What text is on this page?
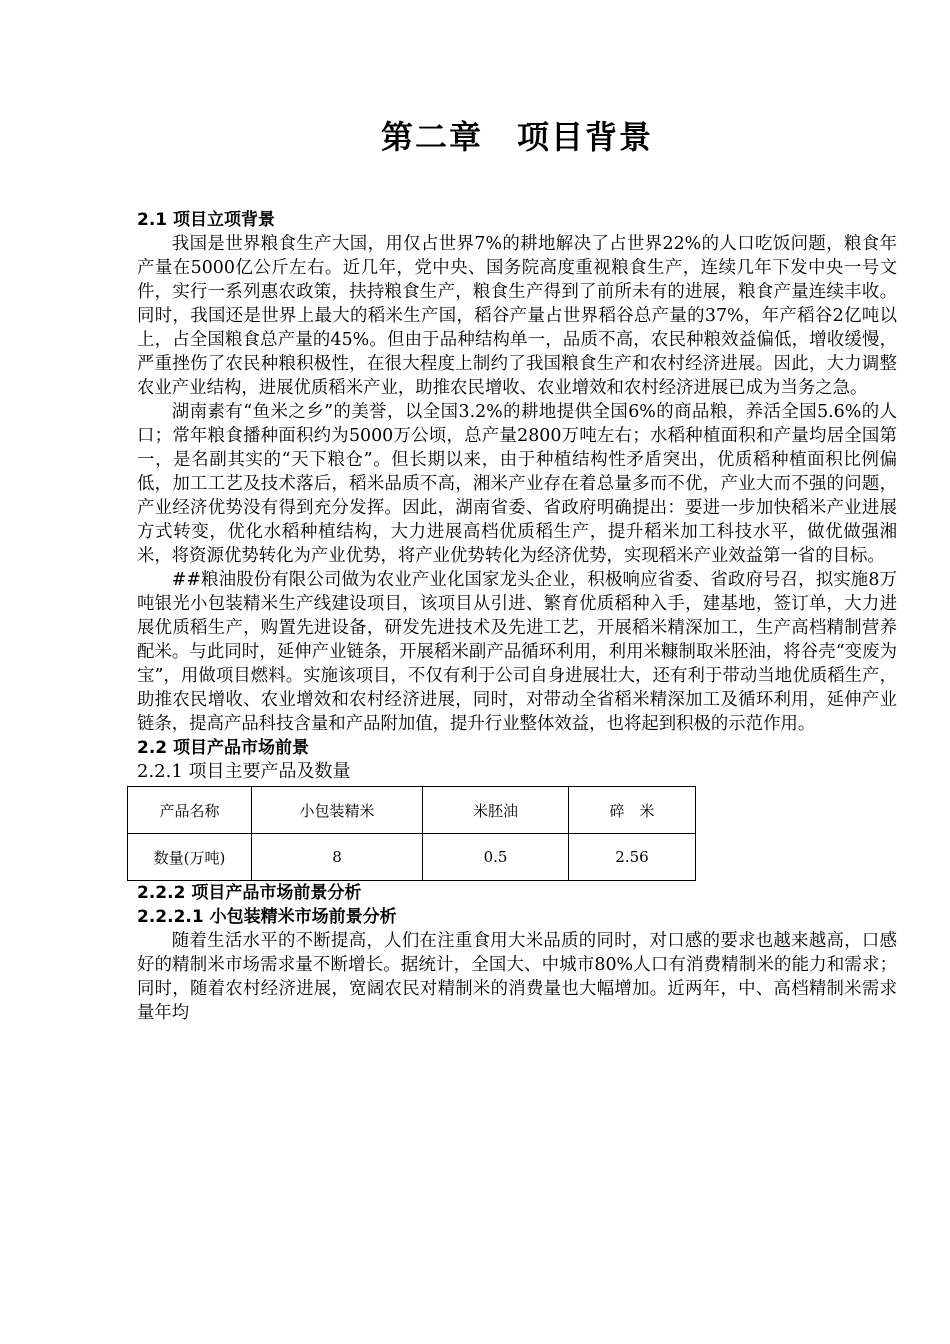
第二章　项目背景
2.1 项目立项背景

我国是世界粮食生产大国，用仅占世界7%的耕地解决了占世界22%的人口吃饭问题，粮食年产量在5000亿公斤左右。近几年，党中央、国务院高度重视粮食生产，连续几年下发中央一号文件，实行一系列惠农政策，扶持粮食生产，粮食生产得到了前所未有的进展，粮食产量连续丰收。同时，我国还是世界上最大的稻米生产国，稻谷产量占世界稻谷总产量的37%，年产稻谷2亿吨以上，占全国粮食总产量的45%。但由于品种结构单一，品质不高，农民种粮效益偏低，增收缓慢，严重挫伤了农民种粮积极性，在很大程度上制约了我国粮食生产和农村经济进展。因此，大力调整农业产业结构，进展优质稻米产业，助推农民增收、农业增效和农村经济进展已成为当务之急。

湖南素有“鱼米之乡”的美誉，以全国3.2%的耕地提供全国6%的商品粮，养活全国5.6%的人口；常年粮食播种面积约为5000万公顷，总产量2800万吨左右；水稻种植面积和产量均居全国第一，是名副其实的“天下粮仓”。但长期以来，由于种植结构性矛盾突出，优质稻种植面积比例偏低，加工工艺及技术落后，稻米品质不高，湘米产业存在着总量多而不优，产业大而不强的问题，产业经济优势没有得到充分发挥。因此，湖南省委、省政府明确提出：要进一步加快稻米产业进展方式转变，优化水稻种植结构，大力进展高档优质稻生产，提升稻米加工科技水平，做优做强湘米，将资源优势转化为产业优势，将产业优势转化为经济优势，实现稻米产业效益第一省的目标。

##粮油股份有限公司做为农业产业化国家龙头企业，积极响应省委、省政府号召，拟实施8万吨银光小包装精米生产线建设项目，该项目从引进、繁育优质稻种入手，建基地，签订单，大力进展优质稻生产，购置先进设备，研发先进技术及先进工艺，开展稻米精深加工，生产高档精制营养配米。与此同时，延伸产业链条，开展稻米副产品循环利用，利用米糠制取米胚油，将谷壳“变废为宝”，用做项目燃料。实施该项目，不仅有利于公司自身进展壮大，还有利于带动当地优质稻生产，助推农民增收、农业增效和农村经济进展，同时，对带动全省稻米精深加工及循环利用，延伸产业链条，提高产品科技含量和产品附加值，提升行业整体效益，也将起到积极的示范作用。

2.2 项目产品市场前景
2.2.1 项目主要产品及数量
产品名称	小包装精米	米胚油	碎　米
数量(万吨)	8	0.5	2.56
2.2.2 项目产品市场前景分析
2.2.2.1 小包装精米市场前景分析

随着生活水平的不断提高，人们在注重食用大米品质的同时，对口感的要求也越来越高，口感好的精制米市场需求量不断增长。据统计，全国大、中城市80%人口有消费精制米的能力和需求；同时，随着农村经济进展，宽阔农民对精制米的消费量也大幅增加。近两年，中、高档精制米需求量年均
